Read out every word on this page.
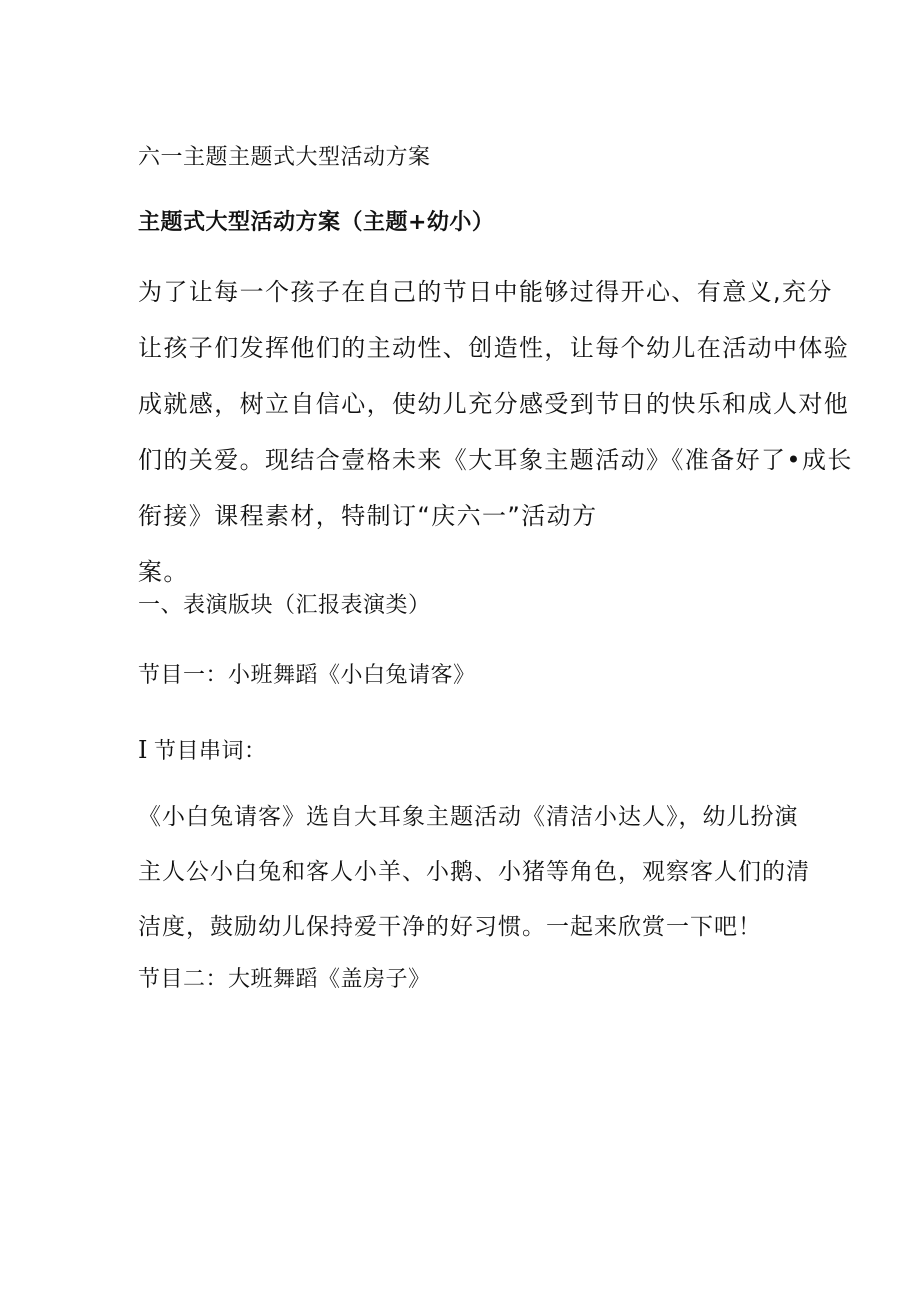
六一主题主题式大型活动方案
主题式大型活动方案（主题+幼小）
为了让每一个孩子在自己的节日中能够过得开心、有意义,充分
让孩子们发挥他们的主动性、创造性，让每个幼儿在活动中体验
成就感，树立自信心，使幼儿充分感受到节日的快乐和成人对他
们的关爱。现结合壹格未来《大耳象主题活动》《准备好了•成长
衔接》课程素材，特制订“庆六一”活动方
案。
一、表演版块（汇报表演类）
节目一：小班舞蹈《小白兔请客》
I 节目串词：
《小白兔请客》选自大耳象主题活动《清洁小达人》，幼儿扮演
主人公小白兔和客人小羊、小鹅、小猪等角色，观察客人们的清
洁度，鼓励幼儿保持爱干净的好习惯。一起来欣赏一下吧！
节目二：大班舞蹈《盖房子》
